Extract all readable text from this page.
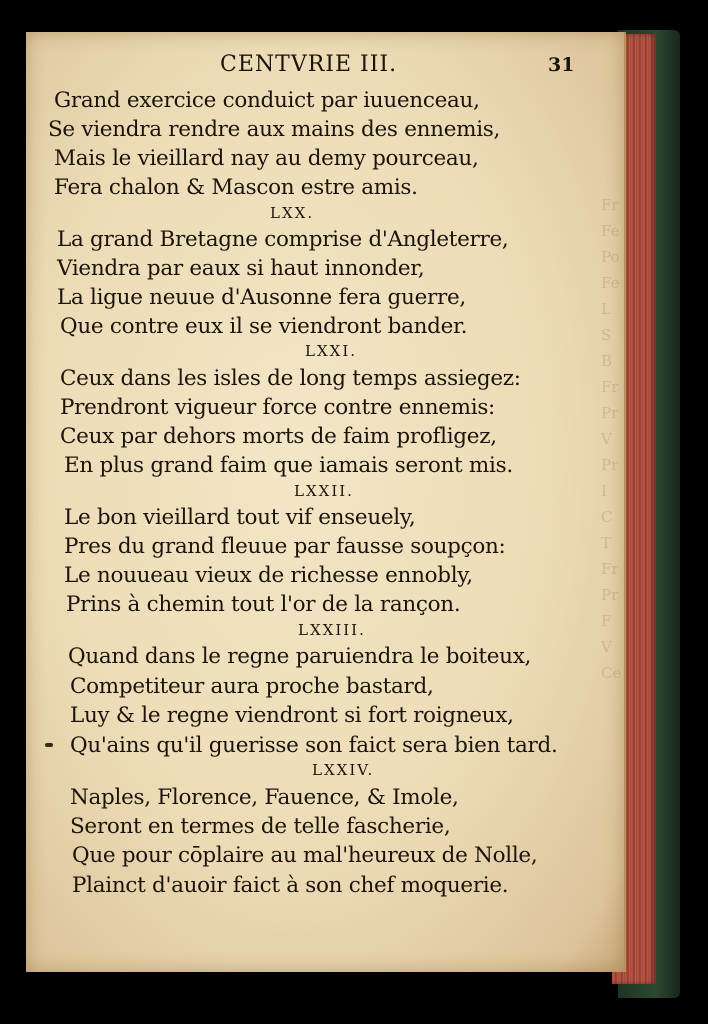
Fr
Fe
Po
Fe
L
S
B
Fr
Pr
V
Pr
I
C
T
Fr
Pr
F
V
Ce
CENTVRIE III.	31
Grand exercice conduict par iuuenceau,
Se viendra rendre aux mains des ennemis,
Mais le vieillard nay au demy pourceau,
Fera chalon & Mascon estre amis.
LXX.
La grand Bretagne comprise d'Angleterre,
Viendra par eaux si haut innonder,
La ligue neuue d'Ausonne fera guerre,
Que contre eux il se viendront bander.
LXXI.
Ceux dans les isles de long temps assiegez:
Prendront vigueur force contre ennemis:
Ceux par dehors morts de faim profligez,
En plus grand faim que iamais seront mis.
LXXII.
Le bon vieillard tout vif enseuely,
Pres du grand fleuue par fausse soupçon:
Le nouueau vieux de richesse ennobly,
Prins à chemin tout l'or de la rançon.
LXXIII.
Quand dans le regne paruiendra le boiteux,
Competiteur aura proche bastard,
Luy & le regne viendront si fort roigneux,
Qu'ains qu'il guerisse son faict sera bien tard.
LXXIV.
Naples, Florence, Fauence, & Imole,
Seront en termes de telle fascherie,
Que pour cōplaire au mal'heureux de Nolle,
Plainct d'auoir faict à son chef moquerie.
